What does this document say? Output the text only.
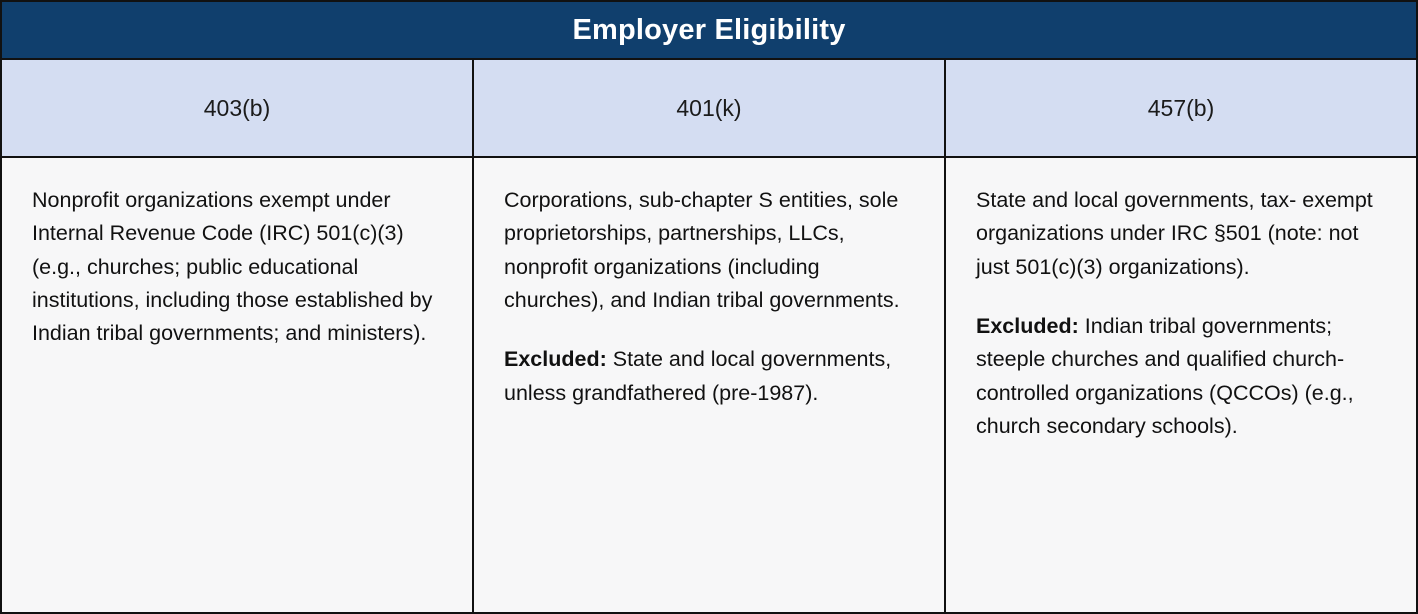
Employer Eligibility
403(b)	401(k)	457(b)

Nonprofit organizations exempt under Internal Revenue Code (IRC) 501(c)(3) (e.g., churches; public educational institutions, including those established by Indian tribal governments; and ministers).

Corporations, sub-chapter S entities, sole proprietorships, partnerships, LLCs, nonprofit organizations (including churches), and Indian tribal governments.

Excluded: State and local governments, unless grandfathered (pre-1987).

State and local governments, tax- exempt organizations under IRC §501 (note: not just 501(c)(3) organizations).

Excluded: Indian tribal governments; steeple churches and qualified church-controlled organizations (QCCOs) (e.g., church secondary schools).
